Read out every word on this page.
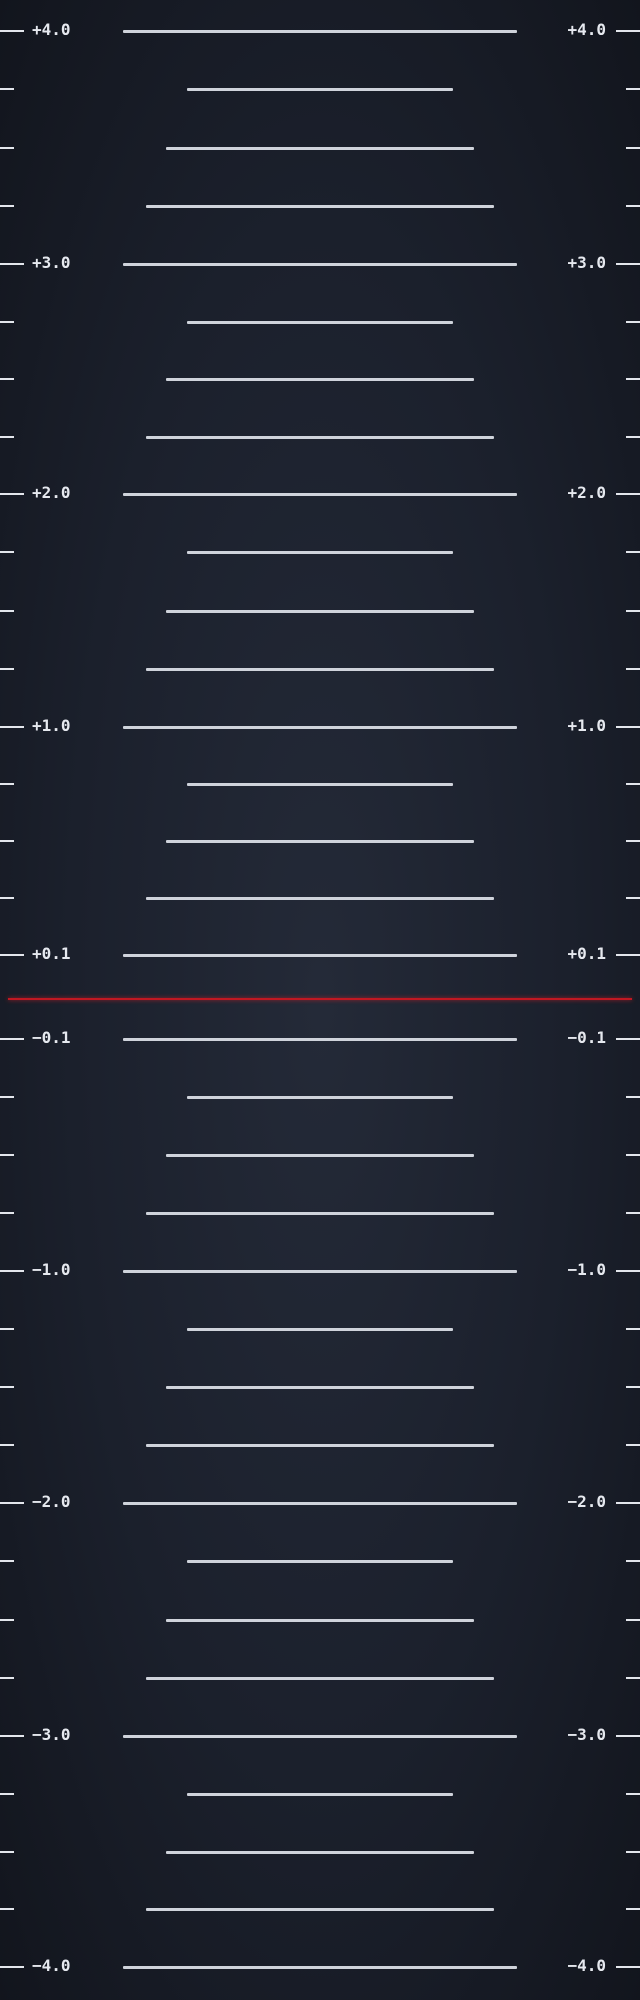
+4.0	+4.0
+3.0	+3.0
+2.0	+2.0
+1.0	+1.0
+0.1	+0.1
−0.1	−0.1
−1.0	−1.0
−2.0	−2.0
−3.0	−3.0
−4.0	−4.0
